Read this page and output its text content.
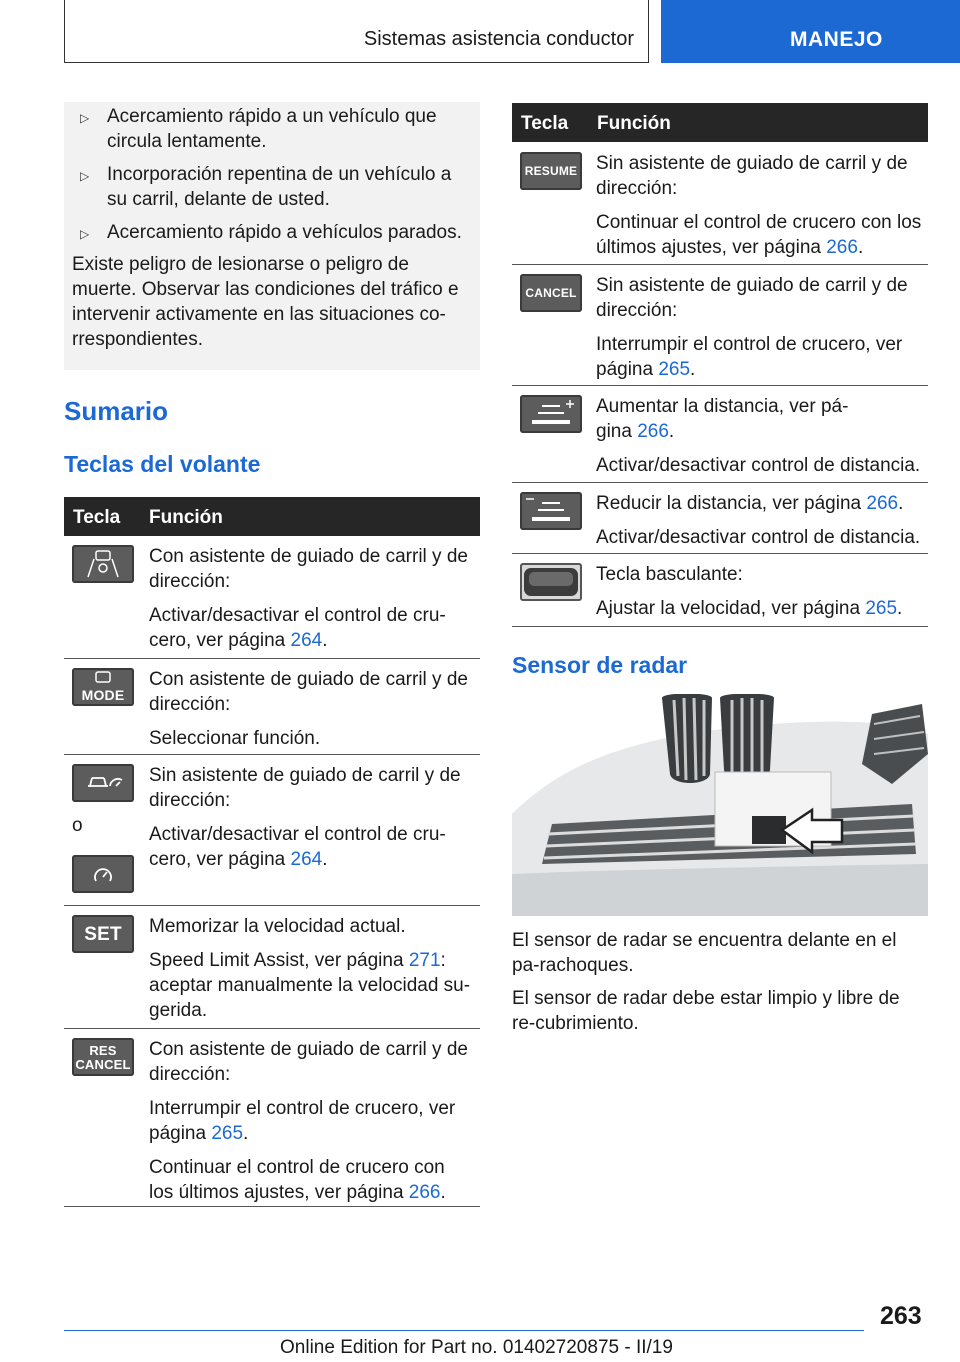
Sistemas asistencia conductor	MANEJO
▷ Acercamiento rápido a un vehículo que circula lentamente.
▷ Incorporación repentina de un vehículo a su carril, delante de usted.
▷ Acercamiento rápido a vehículos parados.
Existe peligro de lesionarse o peligro de muerte. Observar las condiciones del tráfico e intervenir activamente en las situaciones co-rrespondientes.
Sumario
Teclas del volante
Tecla Función
Con asistente de guiado de carril y de dirección:
Activar/desactivar el control de cru-cero, ver página 264.
MODE
Con asistente de guiado de carril y de dirección:
Seleccionar función.
o
Sin asistente de guiado de carril y de dirección:
Activar/desactivar el control de cru-cero, ver página 264.
SET	Memorizar la velocidad actual.
Speed Limit Assist, ver página 271: aceptar manualmente la velocidad su-gerida.
RES
CANCEL
Con asistente de guiado de carril y de dirección:
Interrumpir el control de crucero, ver página 265.
Continuar el control de crucero con los últimos ajustes, ver página 266.
Tecla Función
RESUME Sin asistente de guiado de carril y de dirección:
Continuar el control de crucero con los últimos ajustes, ver página 266.
CANCEL Sin asistente de guiado de carril y de dirección:
Interrumpir el control de crucero, ver página 265.
Aumentar la distancia, ver pá-gina 266.
Activar/desactivar control de distancia.
Reducir la distancia, ver página 266.
Activar/desactivar control de distancia.
Tecla basculante:
Ajustar la velocidad, ver página 265.
Sensor de radar
El sensor de radar se encuentra delante en el pa-rachoques.
El sensor de radar debe estar limpio y libre de re-cubrimiento.
263
Online Edition for Part no. 01402720875 - II/19
